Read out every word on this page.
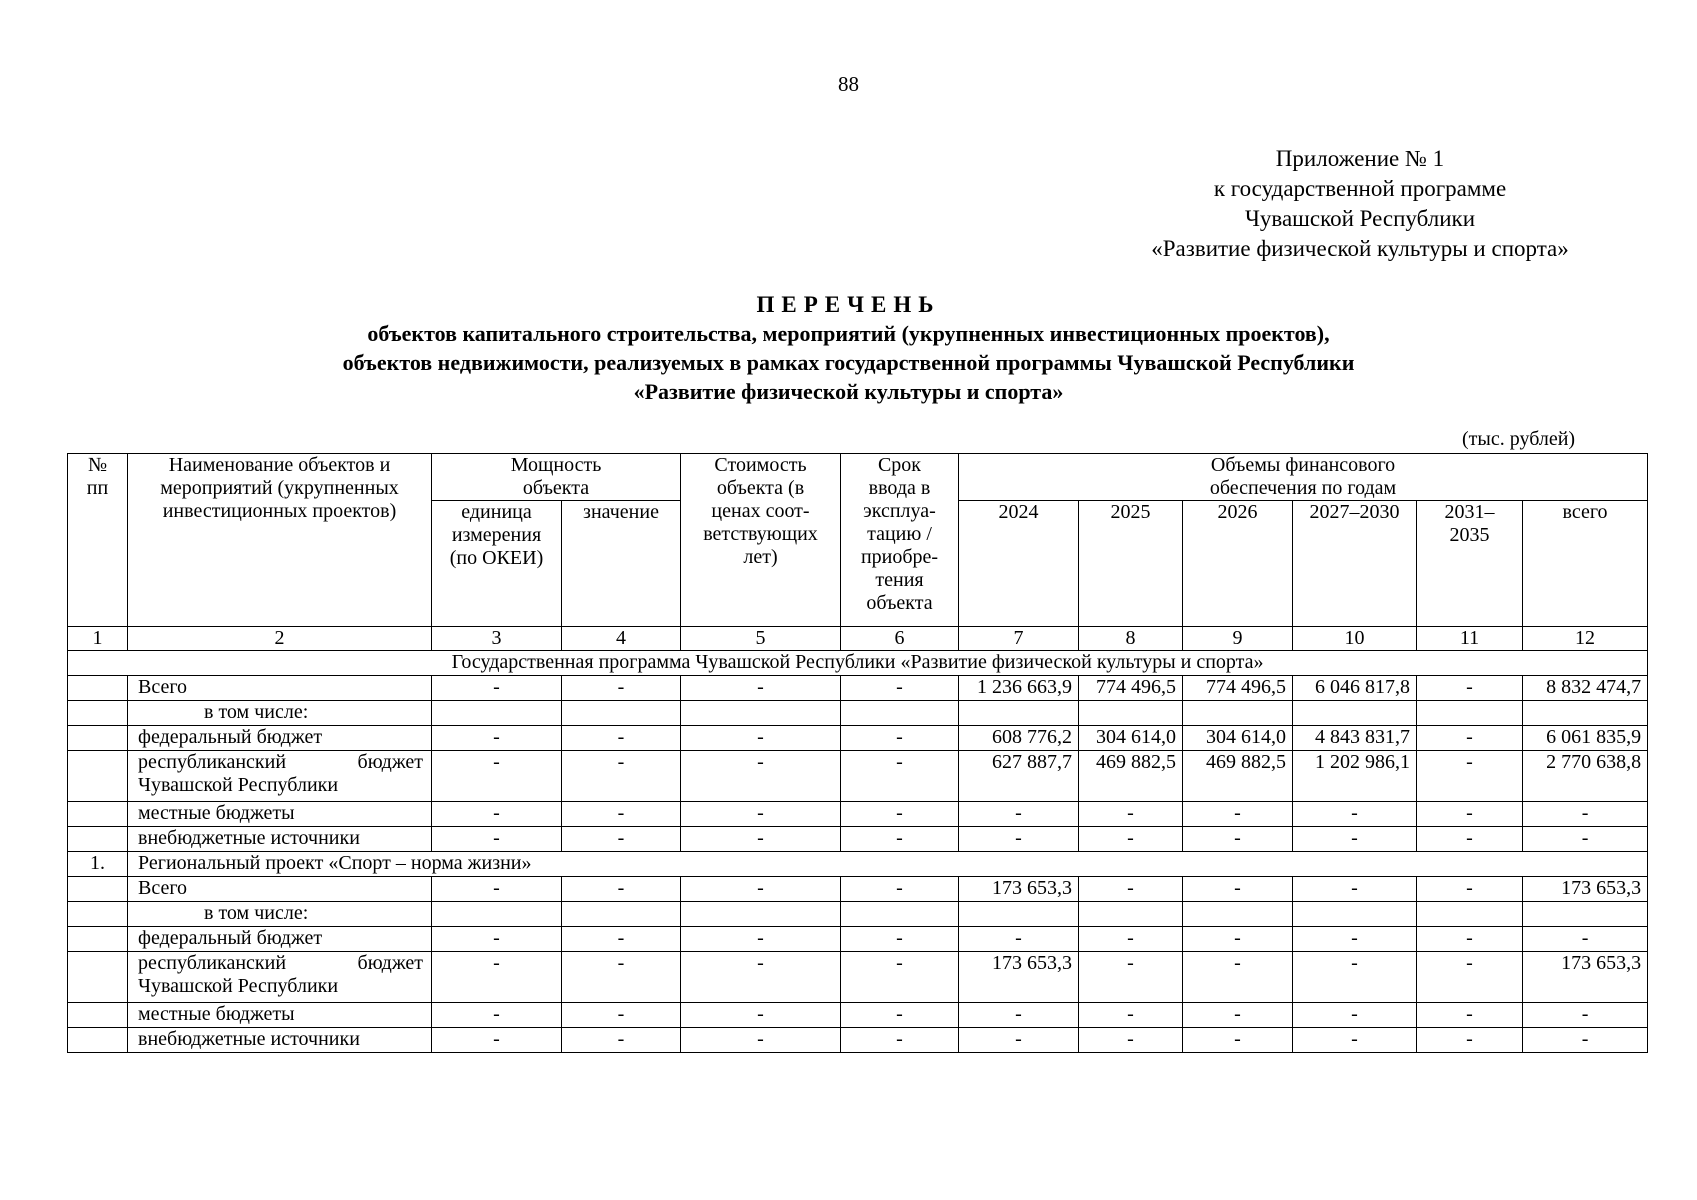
88
Приложение № 1
к государственной программе
Чувашской Республики
«Развитие физической культуры и спорта»
ПЕРЕЧЕНЬ
объектов капитального строительства, мероприятий (укрупненных инвестиционных проектов),
объектов недвижимости, реализуемых в рамках государственной программы Чувашской Республики
«Развитие физической культуры и спорта»
(тыс. рублей)
№ пп	Наименование объектов и мероприятий (укрупненных инвестиционных проектов)	Мощность объекта		Стоимость объекта (в ценах соот-ветствующих лет)	Срок ввода в эксплуа-тацию / приобре-тения объекта	Объемы финансового обеспечения по годам					
		единица измерения (по ОКЕИ)	значение			2024	2025	2026	2027–2030	2031–2035	всего
1	2	3	4	5	6	7	8	9	10	11	12
Государственная программа Чувашской Республики «Развитие физической культуры и спорта»											
	Всего	-	-	-	-	1 236 663,9	774 496,5	774 496,5	6 046 817,8	-	8 832 474,7
	в том числе:										
	федеральный бюджет	-	-	-	-	608 776,2	304 614,0	304 614,0	4 843 831,7	-	6 061 835,9
	республиканский бюджет Чувашской Республики	-	-	-	-	627 887,7	469 882,5	469 882,5	1 202 986,1	-	2 770 638,8
	местные бюджеты	-	-	-	-	-	-	-	-	-	-
	внебюджетные источники	-	-	-	-	-	-	-	-	-	-
1.	Региональный проект «Спорт – норма жизни»										
	Всего	-	-	-	-	173 653,3	-	-	-	-	173 653,3
	в том числе:										
	федеральный бюджет	-	-	-	-	-	-	-	-	-	-
	республиканский бюджет Чувашской Республики	-	-	-	-	173 653,3	-	-	-	-	173 653,3
	местные бюджеты	-	-	-	-	-	-	-	-	-	-
	внебюджетные источники	-	-	-	-	-	-	-	-	-	-
